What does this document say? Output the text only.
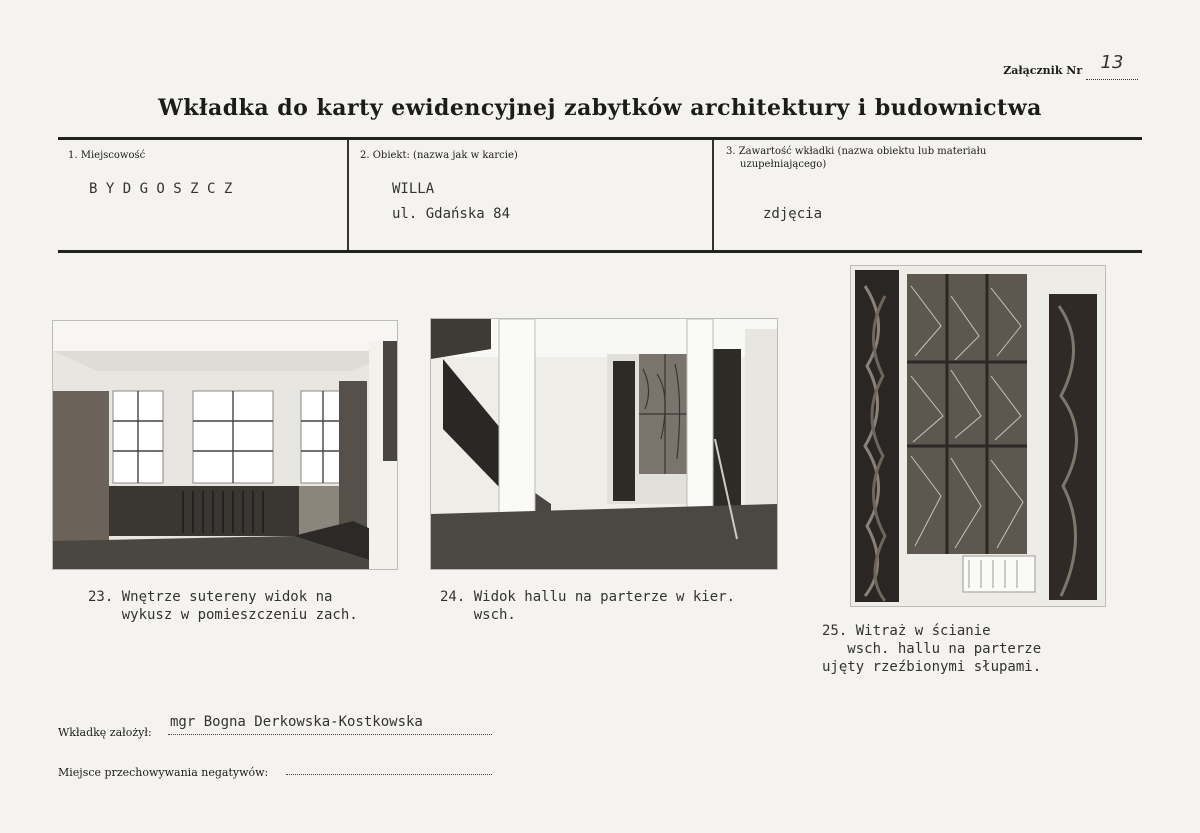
Załącznik Nr 13
Wkładka do karty ewidencyjnej zabytków architektury i budownictwa
1. Miejscowość
B Y D G O S Z C Z
2. Obiekt: (nazwa jak w karcie)
WILLA
ul. Gdańska 84
3. Zawartość wkładki (nazwa obiektu lub materiału
uzupełniającego)
zdjęcia
23. Wnętrze sutereny widok na
wykusz w pomieszczeniu zach.
24. Widok hallu na parterze w kier.
wsch.
25. Witraż w ścianie
wsch. hallu na parterze
ujęty rzeźbionymi słupami.
Wkładkę założył:
mgr Bogna Derkowska-Kostkowska
Miejsce przechowywania negatywów:
